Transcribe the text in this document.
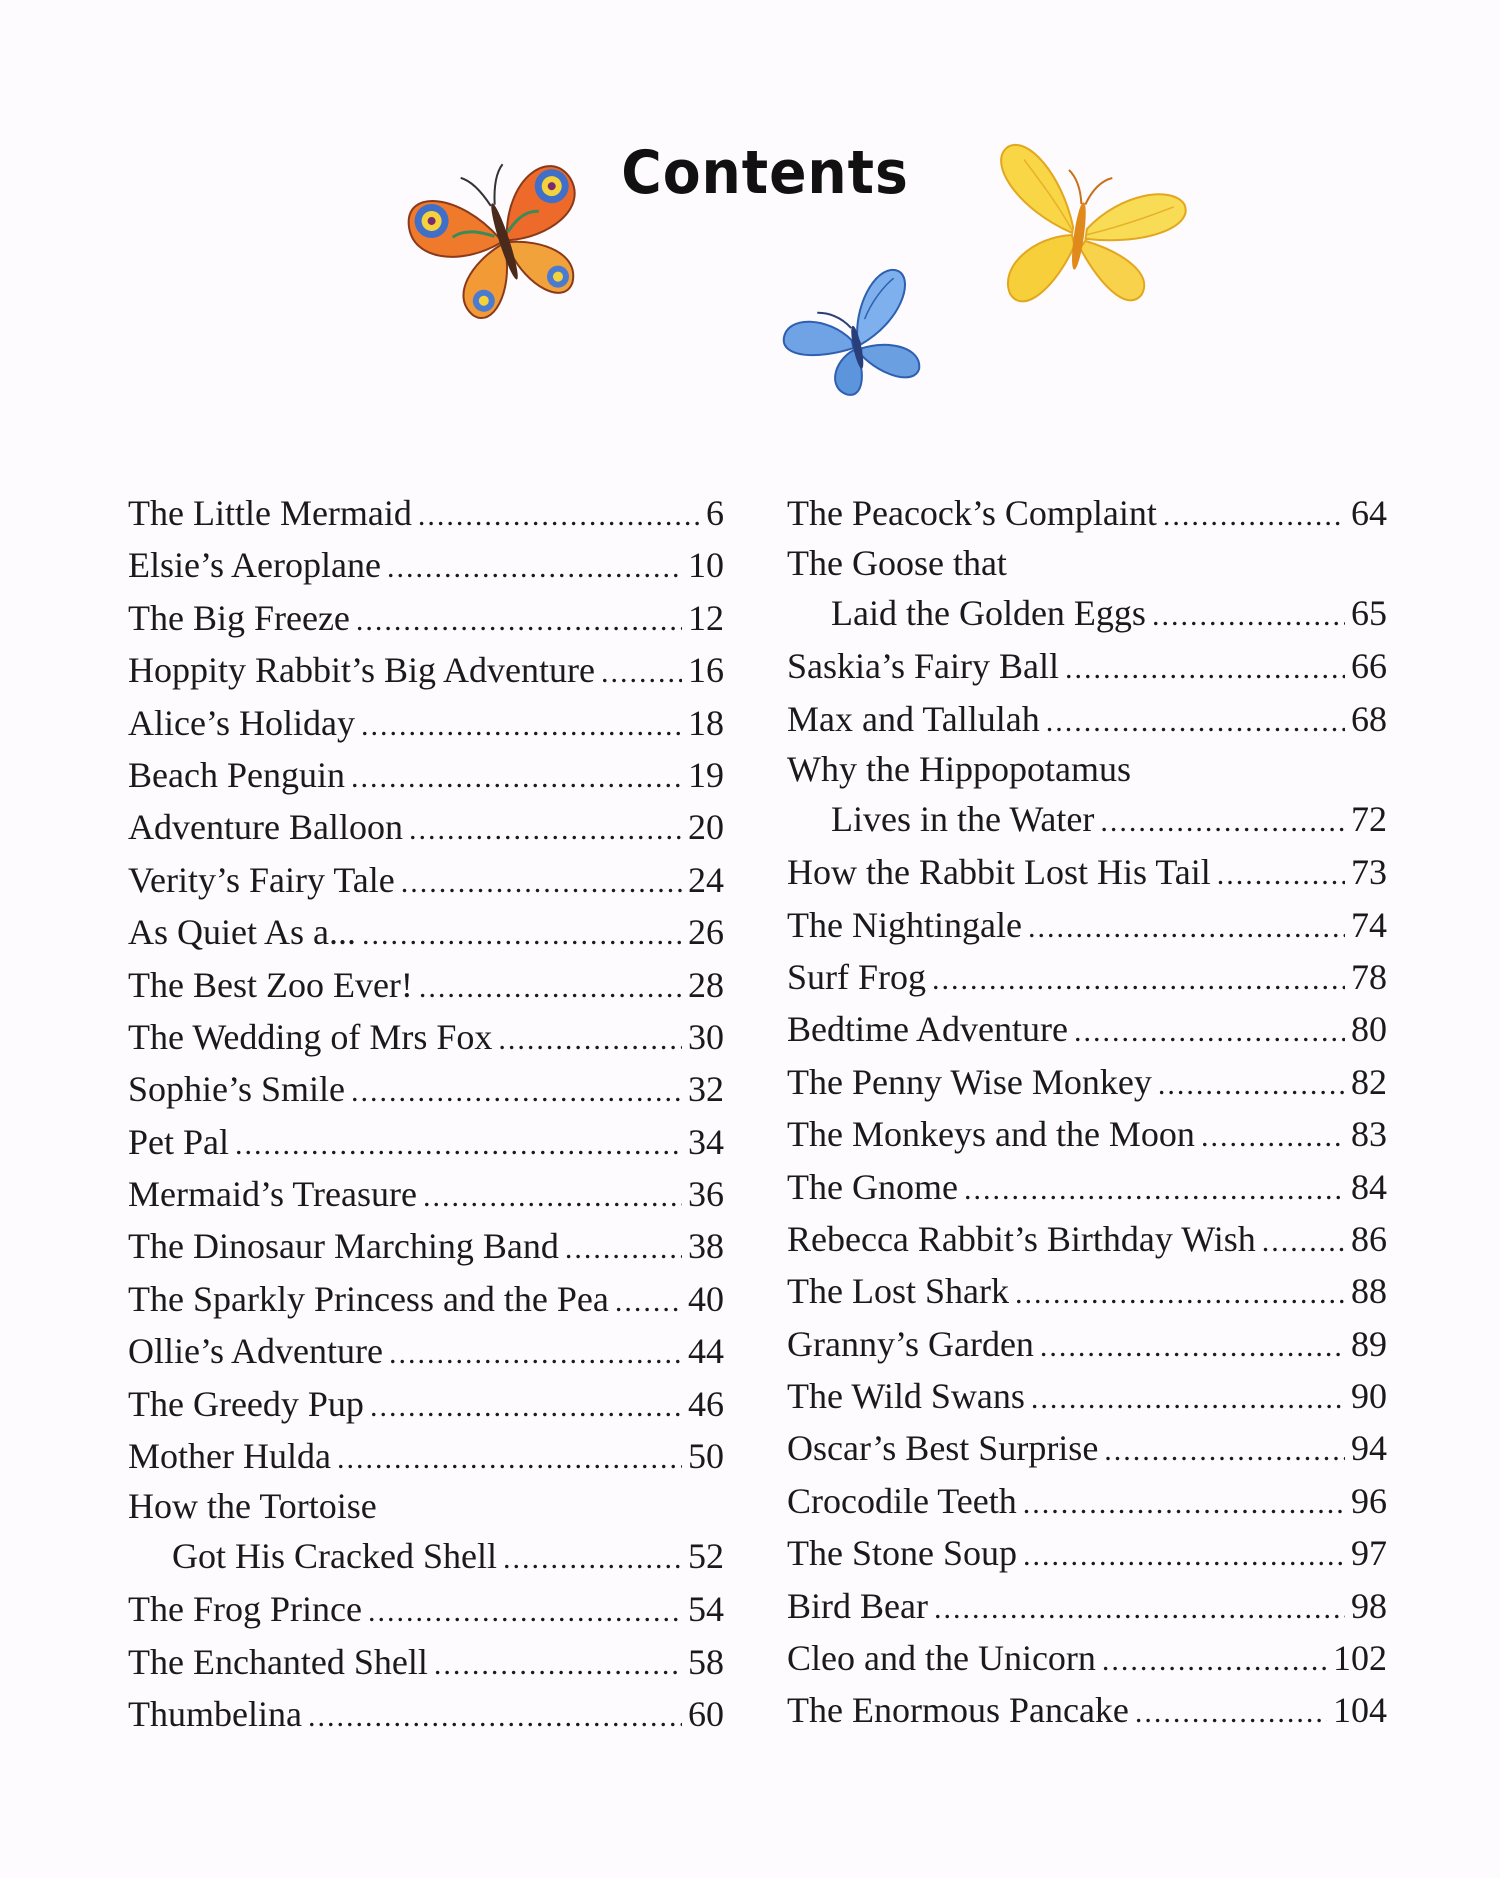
Contents
The Little Mermaid .....	6
Elsie’s Aeroplane .....	10
The Big Freeze .....	12
Hoppity Rabbit’s Big Adventure .....	16
Alice’s Holiday .....	18
Beach Penguin .....	19
Adventure Balloon .....	20
Verity’s Fairy Tale .....	24
As Quiet As a... .....	26
The Best Zoo Ever! .....	28
The Wedding of Mrs Fox .....	30
Sophie’s Smile .....	32
Pet Pal .....	34
Mermaid’s Treasure .....	36
The Dinosaur Marching Band .....	38
The Sparkly Princess and the Pea ..... 40
Ollie’s Adventure .....	44
The Greedy Pup .....	46
Mother Hulda .....	50
How the Tortoise
Got His Cracked Shell .....	52
The Frog Prince .....	54
The Enchanted Shell .....	58
Thumbelina .....	60
The Peacock’s Complaint .....	64
The Goose that
Laid the Golden Eggs .....	65
Saskia’s Fairy Ball .....	66
Max and Tallulah .....	68
Why the Hippopotamus
Lives in the Water .....	72
How the Rabbit Lost His Tail .....	73
The Nightingale .....	74
Surf Frog .....	78
Bedtime Adventure .....	80
The Penny Wise Monkey .....	82
The Monkeys and the Moon .....	83
The Gnome .....	84
Rebecca Rabbit’s Birthday Wish .....	86
The Lost Shark .....	88
Granny’s Garden .....	89
The Wild Swans .....	90
Oscar’s Best Surprise .....	94
Crocodile Teeth .....	96
The Stone Soup .....	97
Bird Bear .....	98
Cleo and the Unicorn .....	102
The Enormous Pancake .....	104
